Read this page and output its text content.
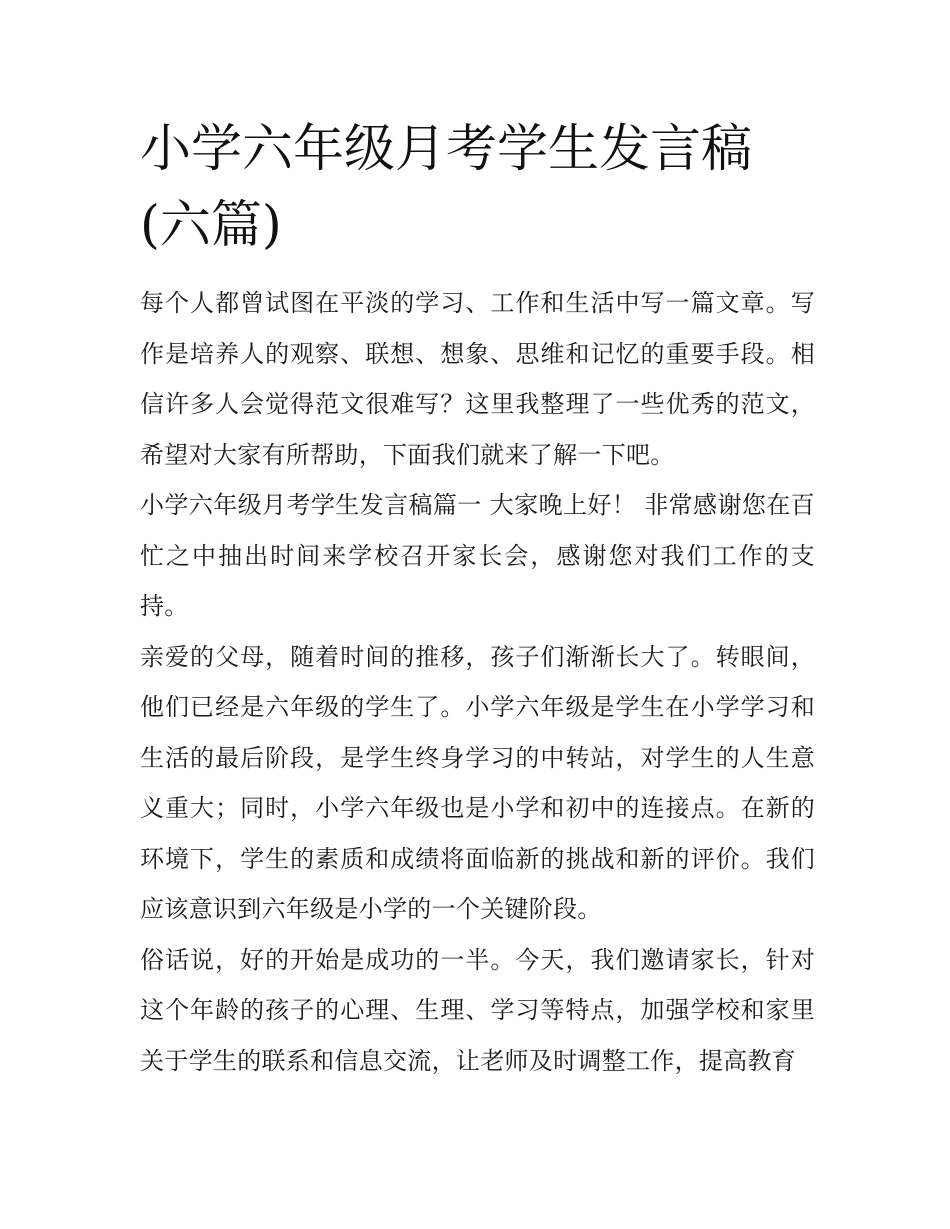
小学六年级月考学生发言稿(六篇)

每个人都曾试图在平淡的学习、工作和生活中写一篇文章。写作是培养人的观察、联想、想象、思维和记忆的重要手段。相信许多人会觉得范文很难写？这里我整理了一些优秀的范文，希望对大家有所帮助，下面我们就来了解一下吧。

小学六年级月考学生发言稿篇一 大家晚上好！ 非常感谢您在百忙之中抽出时间来学校召开家长会，感谢您对我们工作的支持。

亲爱的父母，随着时间的推移，孩子们渐渐长大了。转眼间，他们已经是六年级的学生了。小学六年级是学生在小学学习和生活的最后阶段，是学生终身学习的中转站，对学生的人生意义重大；同时，小学六年级也是小学和初中的连接点。在新的环境下，学生的素质和成绩将面临新的挑战和新的评价。我们应该意识到六年级是小学的一个关键阶段。

俗话说，好的开始是成功的一半。今天，我们邀请家长，针对这个年龄的孩子的心理、生理、学习等特点，加强学校和家里关于学生的联系和信息交流，让老师及时调整工作，提高教育
